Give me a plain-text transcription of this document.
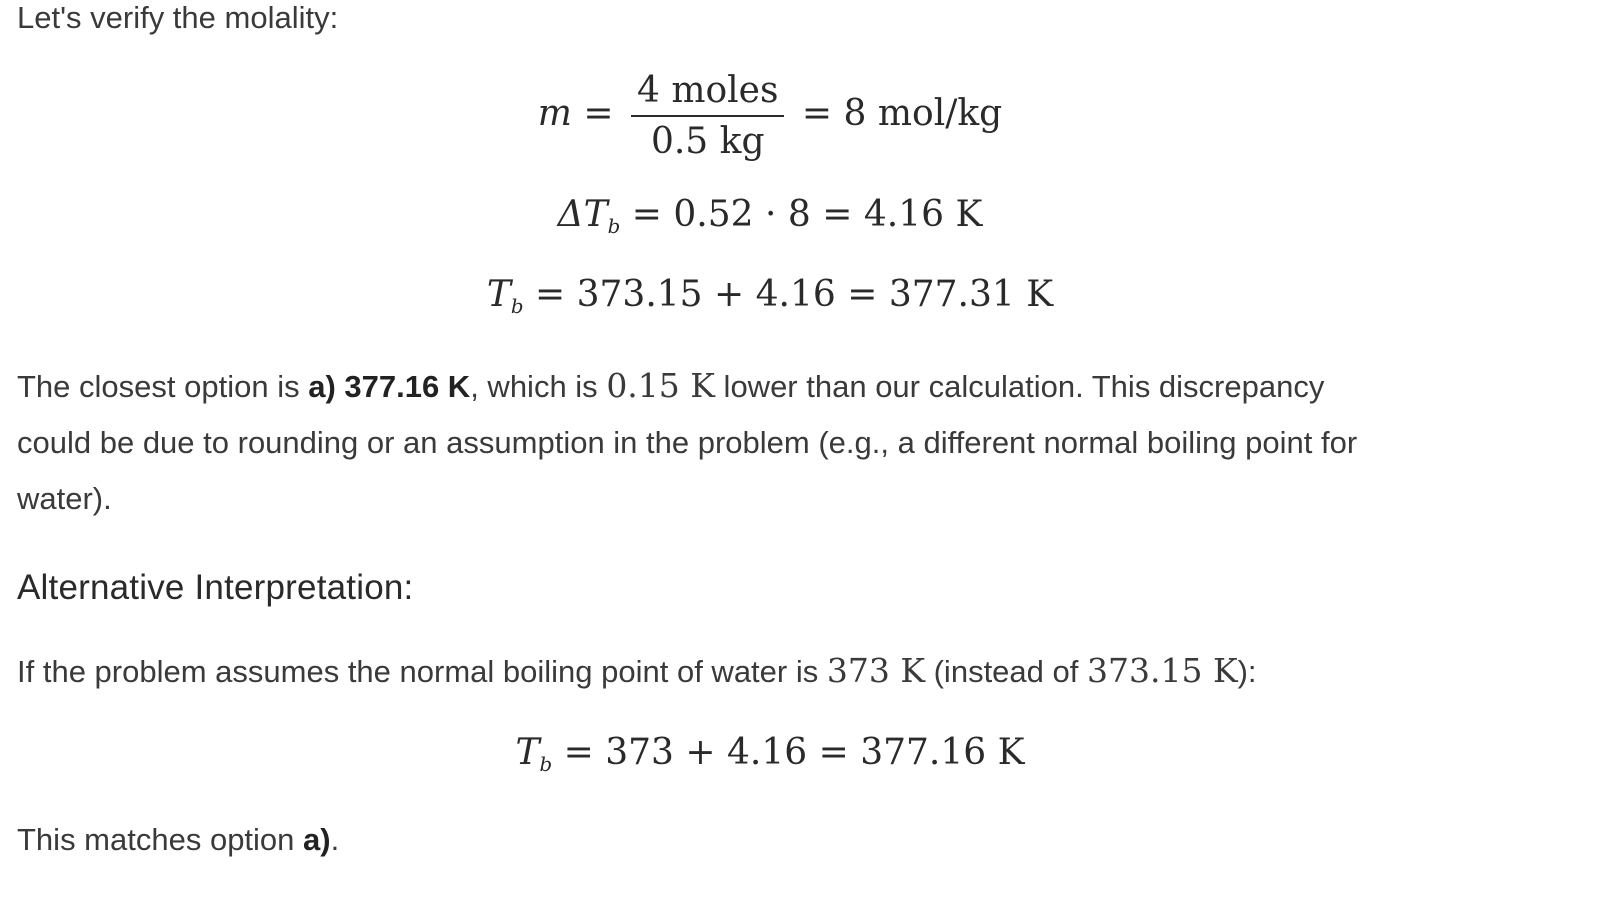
Let's verify the molality:

$m = \frac{\text{4 moles}}{0.5 kg} = 8$ mol/kg
$\Delta T_b = 0.52 \cdot 8 = 4.16$ K
$T_b = 373.15 + 4.16 = 377.31$ K

The closest option is a) 377.16 K, which is 0.15 K lower than our calculation. This discrepancy
could be due to rounding or an assumption in the problem (e.g., a different normal boiling point for
water).

Alternative Interpretation:

If the problem assumes the normal boiling point of water is 373 K (instead of 373.15 K):

$T_b = 373 + 4.16 = 377.16$ K

This matches option a).
